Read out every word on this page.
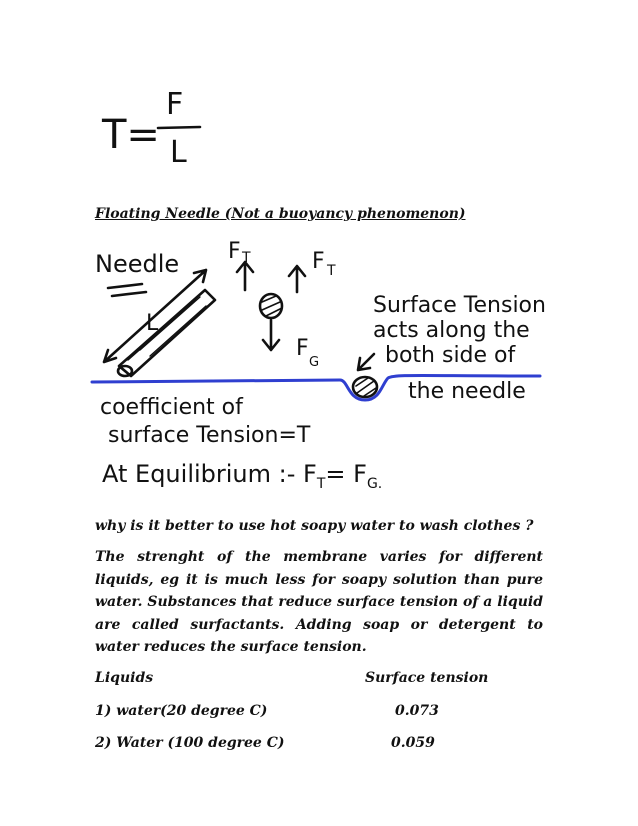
T=
F
L

Floating Needle (Not a buoyancy phenomenon)

Needle
L
F T	F T
F
G
Surface Tension
acts along the
both side of
the needle
coefficient of
surface Tension=T
At Equilibrium :- $F_T= F_{G.}$

why is it better to use hot soapy water to wash clothes ?

The strenght of the membrane varies for different liquids, eg it is much less for soapy solution than pure water. Substances that reduce surface tension of a liquid are called surfactants. Adding soap or detergent to water reduces the surface tension.

Liquids	Surface tension
1) water(20 degree C)	0.073
2) Water (100 degree C)	0.059
